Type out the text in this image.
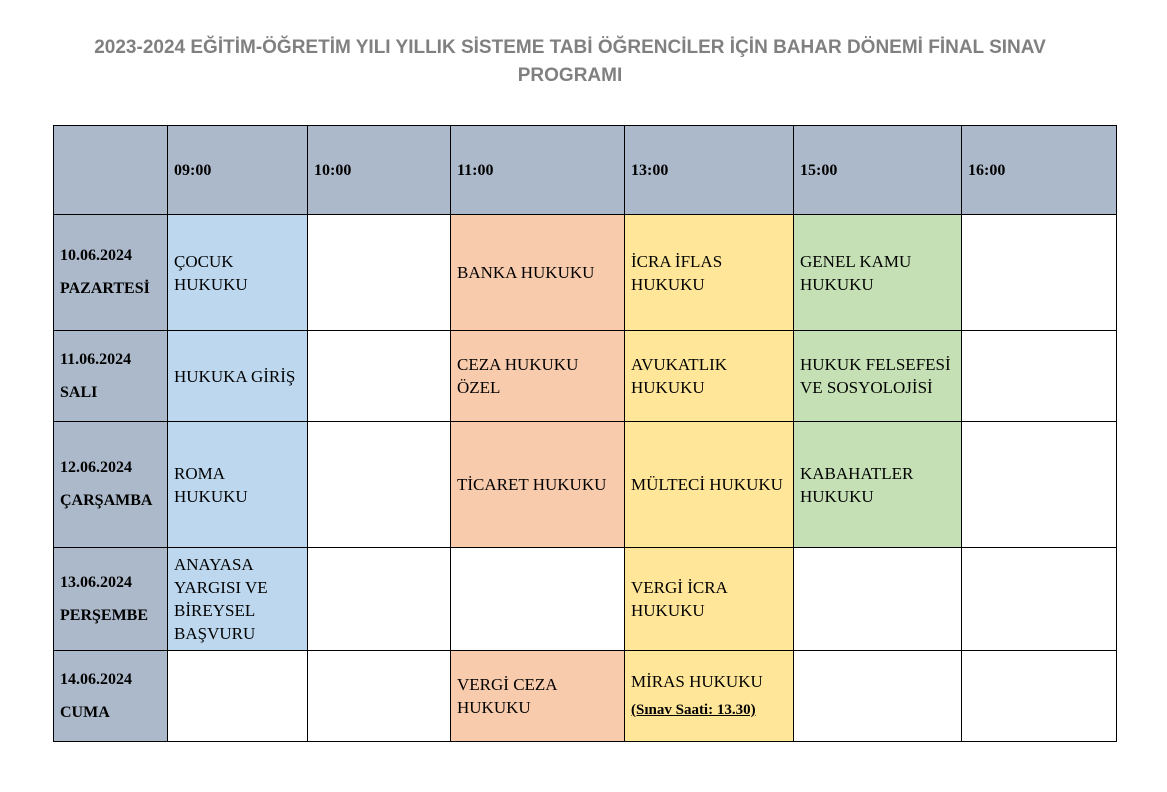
2023-2024 EĞİTİM-ÖĞRETİM YILI YILLIK SİSTEME TABİ ÖĞRENCİLER İÇİN BAHAR DÖNEMİ FİNAL SINAV
PROGRAMI
	09:00	10:00	11:00	13:00	15:00	16:00

10.06.2024
PAZARTESİ	ÇOCUK HUKUKU		BANKA HUKUKU	İCRA İFLAS HUKUKU	GENEL KAMU HUKUKU	

11.06.2024
SALI	HUKUKA GİRİŞ		CEZA HUKUKU ÖZEL	AVUKATLIK HUKUKU	HUKUK FELSEFESİ VE SOSYOLOJİSİ	

12.06.2024
ÇARŞAMBA	ROMA HUKUKU		TİCARET HUKUKU	MÜLTECİ HUKUKU	KABAHATLER HUKUKU	

13.06.2024
PERŞEMBE	ANAYASA YARGISI VE BİREYSEL BAŞVURU			VERGİ İCRA HUKUKU		

14.06.2024
CUMA			VERGİ CEZA HUKUKU	MİRAS HUKUKU
(Sınav Saati: 13.30)		
